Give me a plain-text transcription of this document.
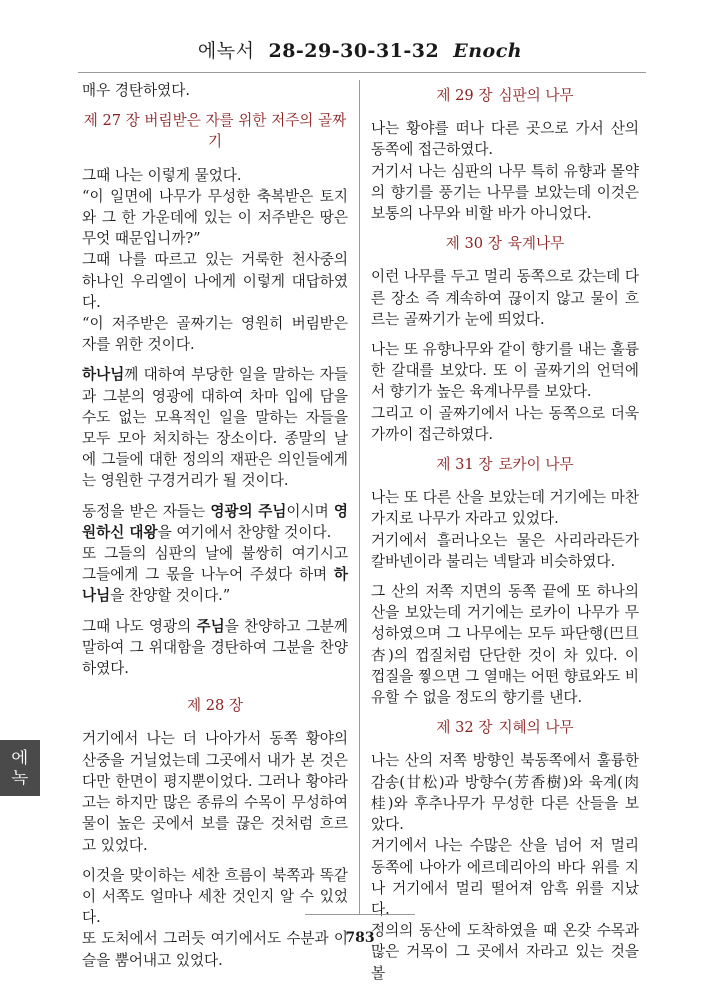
에녹서 28-29-30-31-32 Enoch

매우 경탄하였다.

제 27 장 버림받은 자를 위한 저주의 골짜기

그때 나는 이렇게 물었다.

“이 일면에 나무가 무성한 축복받은 토지와 그 한 가운데에 있는 이 저주받은 땅은 무엇 때문입니까?”

그때 나를 따르고 있는 거룩한 천사중의 하나인 우리엘이 나에게 이렇게 대답하였다.

“이 저주받은 골짜기는 영원히 버림받은 자를 위한 것이다.

하나님께 대하여 부당한 일을 말하는 자들과 그분의 영광에 대하여 차마 입에 담을 수도 없는 모욕적인 일을 말하는 자들을 모두 모아 처치하는 장소이다. 종말의 날에 그들에 대한 정의의 재판은 의인들에게는 영원한 구경거리가 될 것이다.

동정을 받은 자들는 영광의 주님이시며 영원하신 대왕을 여기에서 찬양할 것이다.

또 그들의 심판의 날에 불쌍히 여기시고 그들에게 그 몫을 나누어 주셨다 하며 하나님을 찬양할 것이다.”

그때 나도 영광의 주님을 찬양하고 그분께 말하여 그 위대함을 경탄하여 그분을 찬양하였다.

제 28 장

거기에서 나는 더 나아가서 동쪽 황야의 산중을 거닐었는데 그곳에서 내가 본 것은 다만 한면이 평지뿐이었다. 그러나 황야라고는 하지만 많은 종류의 수목이 무성하여 물이 높은 곳에서 보를 끊은 것처럼 흐르고 있었다.

이것을 맞이하는 세찬 흐름이 북쪽과 똑같이 서쪽도 얼마나 세찬 것인지 알 수 있었다.

또 도처에서 그러듯 여기에서도 수분과 이슬을 뿜어내고 있었다.

제 29 장 심판의 나무

나는 황야를 떠나 다른 곳으로 가서 산의 동쪽에 접근하였다.

거기서 나는 심판의 나무 특히 유향과 몰약의 향기를 풍기는 나무를 보았는데 이것은 보통의 나무와 비할 바가 아니었다.

제 30 장 육계나무

이런 나무를 두고 멀리 동쪽으로 갔는데 다른 장소 즉 계속하여 끊이지 않고 물이 흐르는 골짜기가 눈에 띄었다.

나는 또 유향나무와 같이 향기를 내는 훌륭한 갈대를 보았다. 또 이 골짜기의 언덕에서 향기가 높은 육계나무를 보았다.

그리고 이 골짜기에서 나는 동쪽으로 더욱 가까이 접근하였다.

제 31 장 로카이 나무

나는 또 다른 산을 보았는데 거기에는 마찬가지로 나무가 자라고 있었다.

거기에서 흘러나오는 물은 사리라라든가 칼바넨이라 불리는 넥탈과 비슷하였다.

그 산의 저쪽 지면의 동쪽 끝에 또 하나의 산을 보았는데 거기에는 로카이 나무가 무성하였으며 그 나무에는 모두 파단행(巴旦杏)의 껍질처럼 단단한 것이 차 있다. 이 껍질을 찧으면 그 열매는 어떤 향료와도 비유할 수 없을 정도의 향기를 낸다.

제 32 장 지혜의 나무

나는 산의 저쪽 방향인 북동쪽에서 훌륭한 감송(甘松)과 방향수(芳香樹)와 육계(肉桂)와 후추나무가 무성한 다른 산들을 보았다.

거기에서 나는 수많은 산을 넘어 저 멀리 동쪽에 나아가 에르데리아의 바다 위를 지나 거기에서 멀리 떨어져 암흑 위를 지났다.

정의의 동산에 도착하였을 때 온갖 수목과 많은 거목이 그 곳에서 자라고 있는 것을 볼

에
녹
783
